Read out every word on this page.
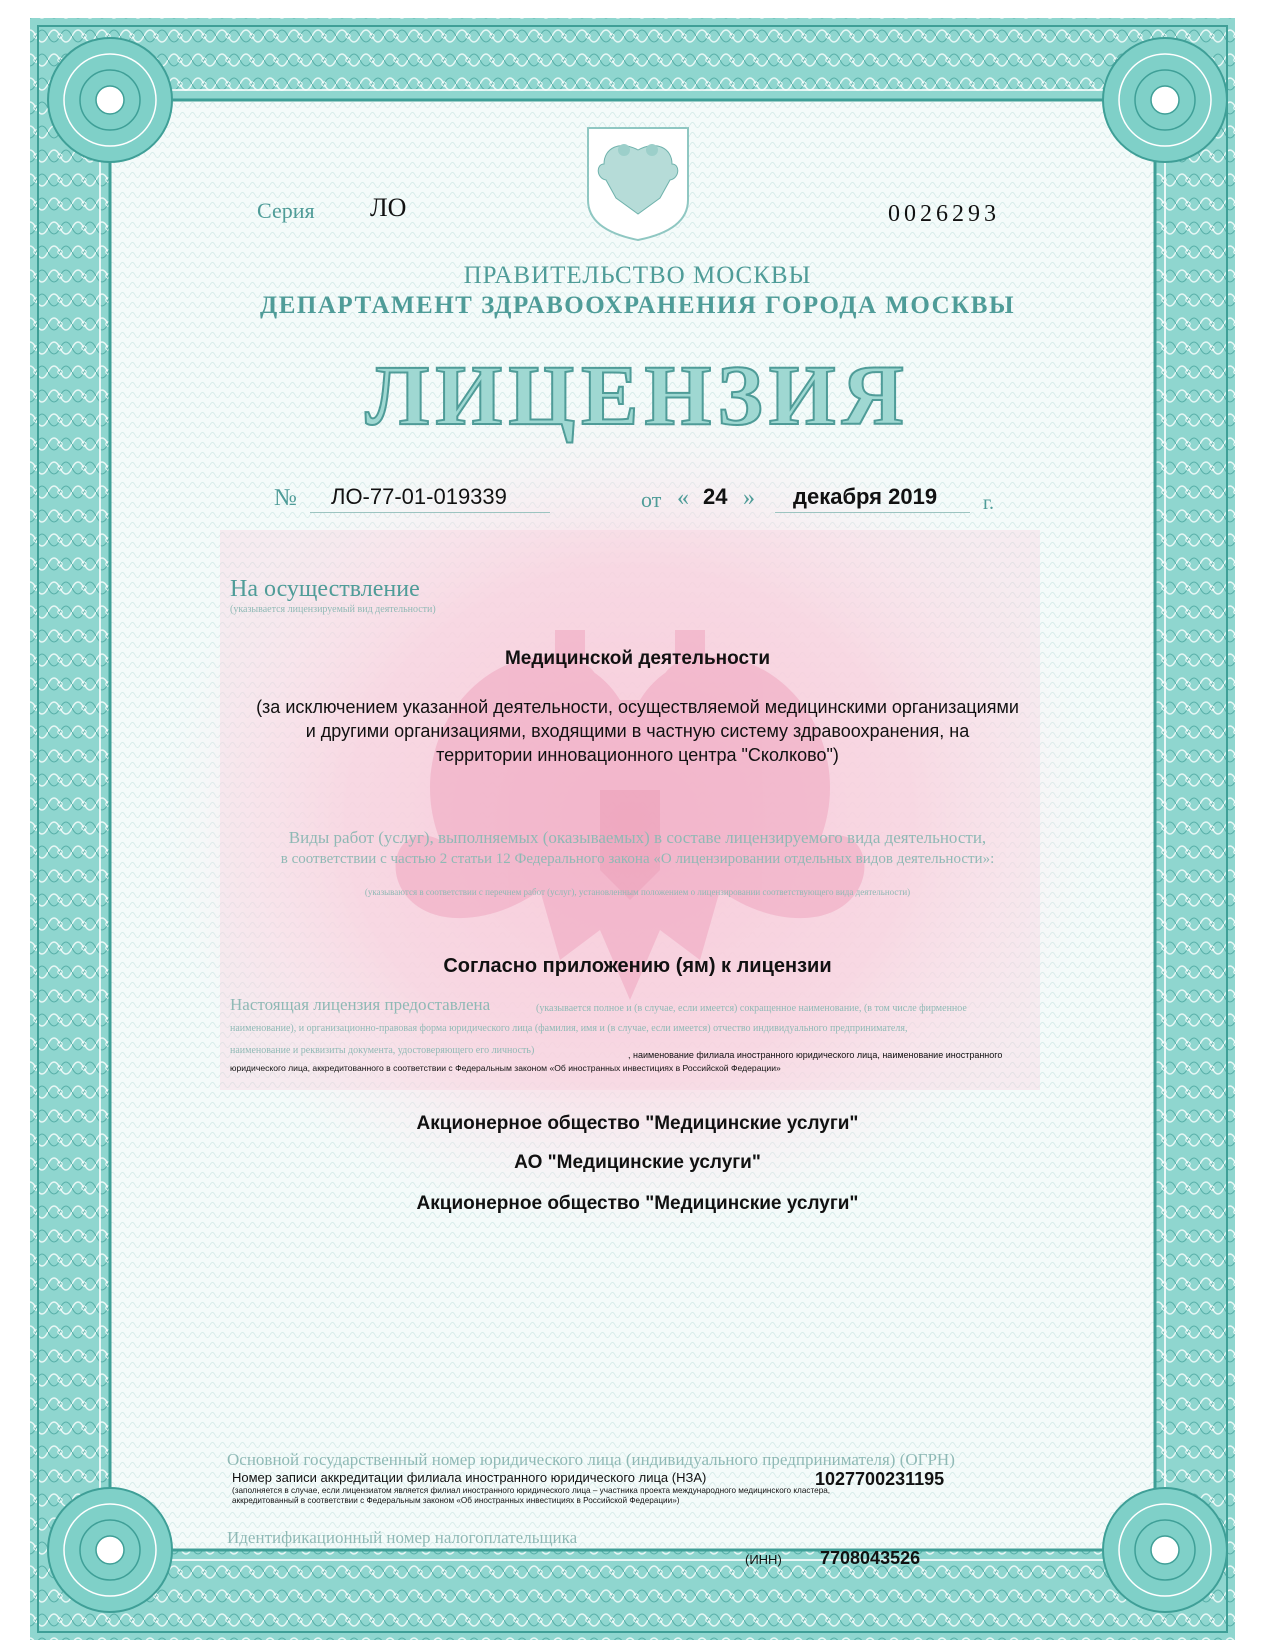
Серия ЛО	0026293
ПРАВИТЕЛЬСТВО МОСКВЫ
ДЕПАРТАМЕНТ ЗДРАВООХРАНЕНИЯ ГОРОДА МОСКВЫ
ЛИЦЕНЗИЯ
№ ЛО-77-01-019339	от « 24 » декабря 2019 г.
На осуществление
(указывается лицензируемый вид деятельности)
Медицинской деятельности
(за исключением указанной деятельности, осуществляемой медицинскими организациями
и другими организациями, входящими в частную систему здравоохранения, на
территории инновационного центра "Сколково")
Виды работ (услуг), выполняемых (оказываемых) в составе лицензируемого вида деятельности,
в соответствии с частью 2 статьи 12 Федерального закона «О лицензировании отдельных видов деятельности»:
(указываются в соответствии с перечнем работ (услуг), установленным положением о лицензировании соответствующего вида деятельности)
Согласно приложению (ям) к лицензии
Настоящая лицензия предоставлена	(указывается полное и (в случае, если имеется) сокращенное наименование, (в том числе фирменное
наименование), и организационно-правовая форма юридического лица (фамилия, имя и (в случае, если имеется) отчество индивидуального предпринимателя,
наименование и реквизиты документа, удостоверяющего его личность)	, наименование филиала иностранного юридического лица, наименование иностранного
юридического лица, аккредитованного в соответствии с Федеральным законом «Об иностранных инвестициях в Российской Федерации»
Акционерное общество "Медицинские услуги"
АО "Медицинские услуги"
Акционерное общество "Медицинские услуги"
Основной государственный номер юридического лица (индивидуального предпринимателя) (ОГРН)
Номер записи аккредитации филиала иностранного юридического лица (НЗА)
(заполняется в случае, если лицензиатом является филиал иностранного юридического лица – участника проекта международного медицинского кластера,
аккредитованный в соответствии с Федеральным законом «Об иностранных инвестициях в Российской Федерации»)
1027700231195
Идентификационный номер налогоплательщика
(ИНН) 7708043526
